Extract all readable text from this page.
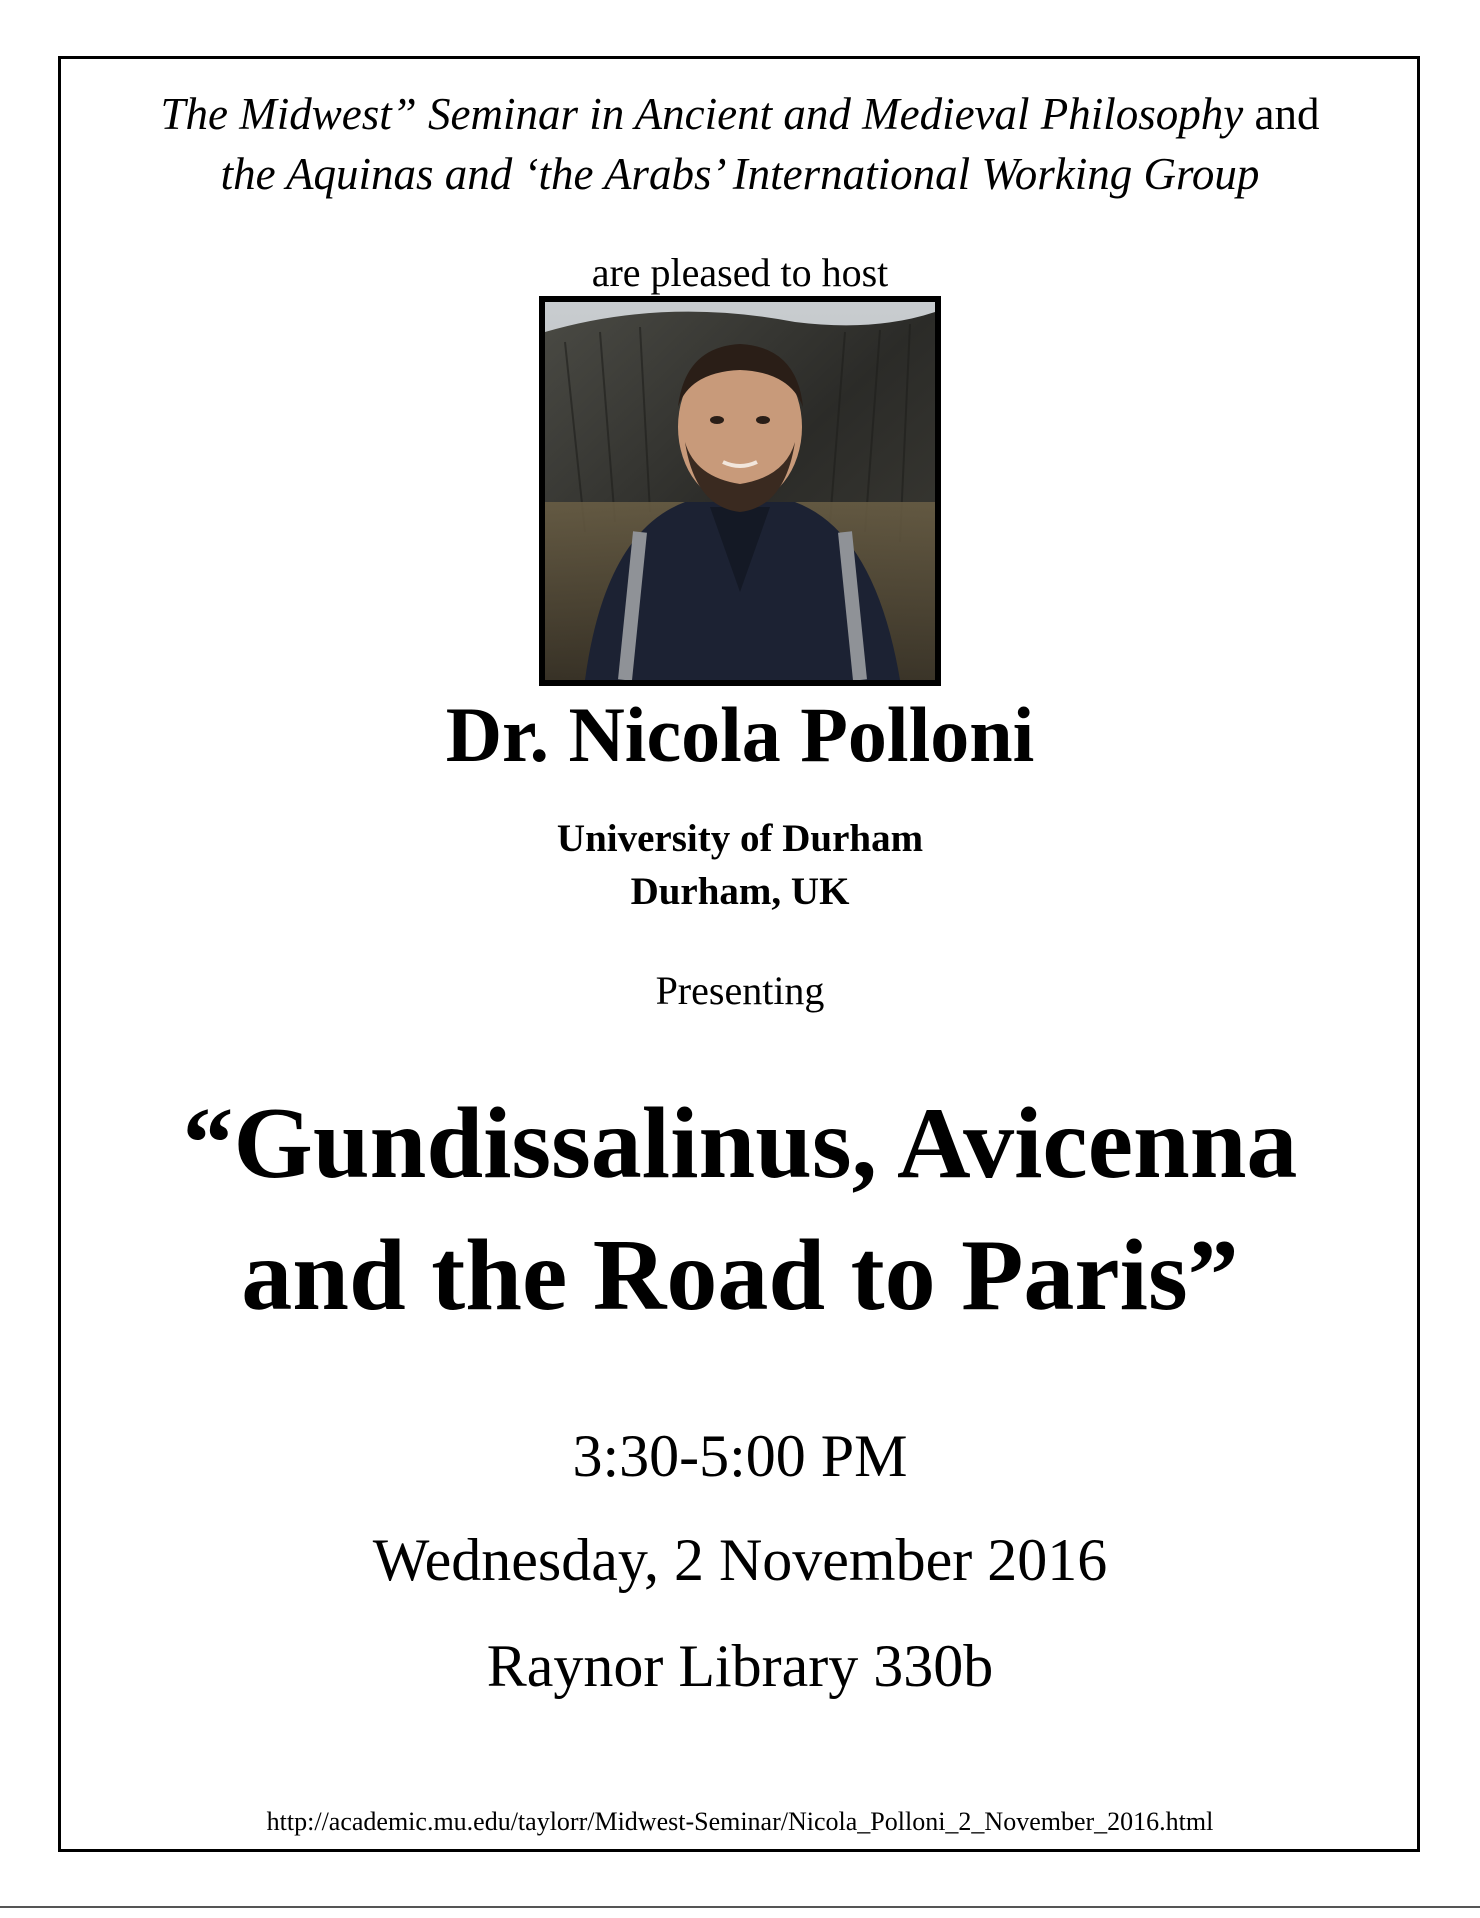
The Midwest” Seminar in Ancient and Medieval Philosophy and
the Aquinas and ‘the Arabs’ International Working Group
are pleased to host
Dr. Nicola Polloni
University of Durham
Durham, UK
Presenting
“Gundissalinus, Avicenna
and the Road to Paris”
3:30-5:00 PM
Wednesday, 2 November 2016
Raynor Library 330b
http://academic.mu.edu/taylorr/Midwest-Seminar/Nicola_Polloni_2_November_2016.html
